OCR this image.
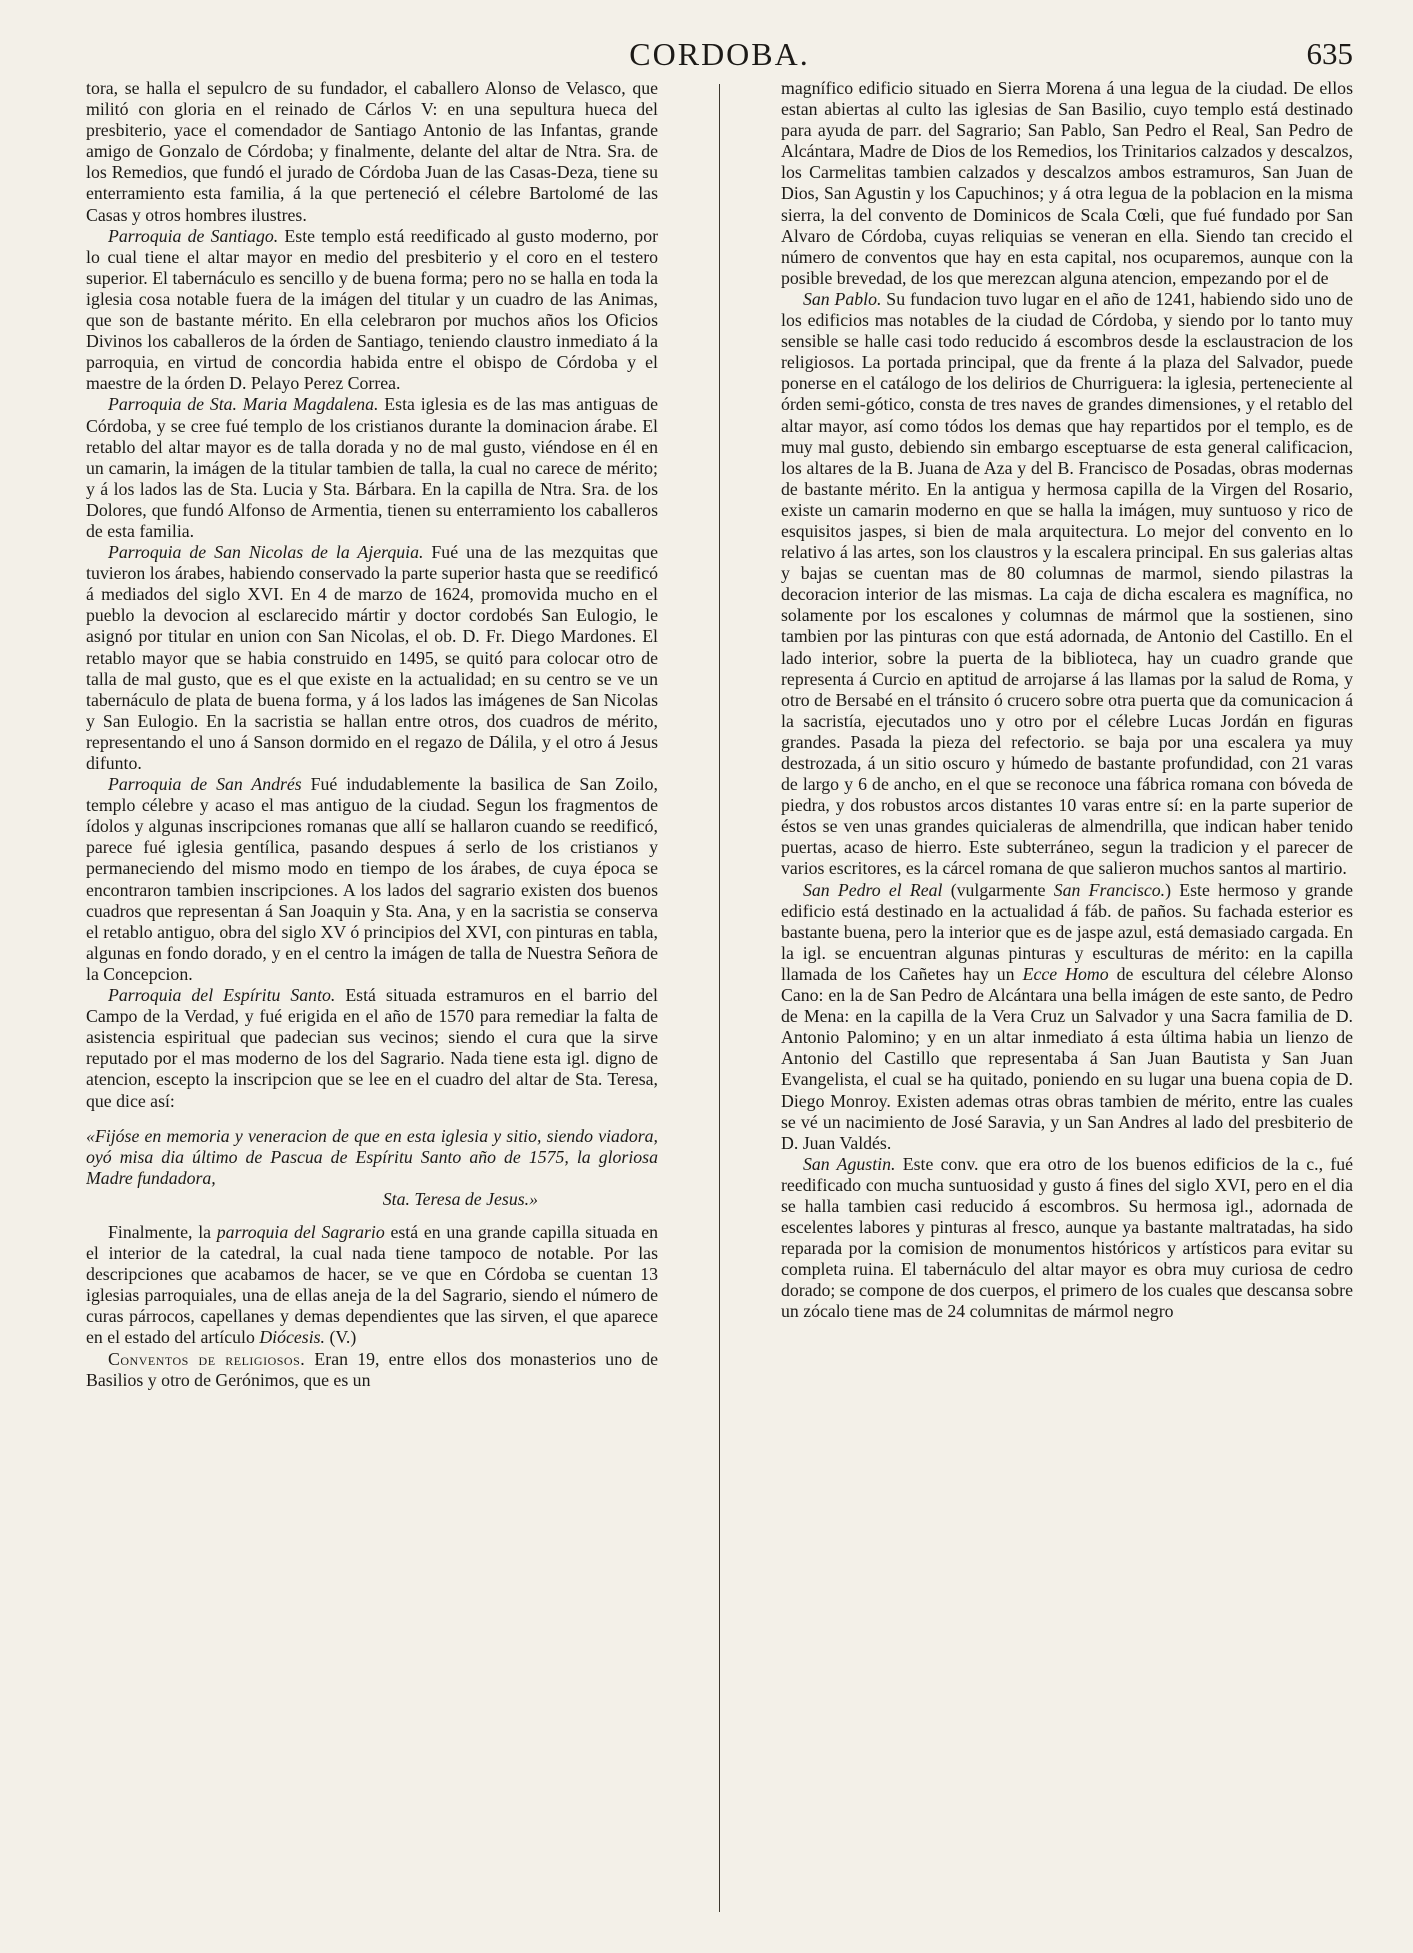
CORDOBA.	635

tora, se halla el sepulcro de su fundador, el caballero Alonso de Velasco, que militó con gloria en el reinado de Cárlos V: en una sepultura hueca del presbiterio, yace el comendador de Santiago Antonio de las Infantas, grande amigo de Gonzalo de Córdoba; y finalmente, delante del altar de Ntra. Sra. de los Remedios, que fundó el jurado de Córdoba Juan de las Casas-Deza, tiene su enterramiento esta familia, á la que perteneció el célebre Bartolomé de las Casas y otros hombres ilustres.

Parroquia de Santiago. Este templo está reedificado al gusto moderno, por lo cual tiene el altar mayor en medio del presbiterio y el coro en el testero superior. El tabernáculo es sencillo y de buena forma; pero no se halla en toda la iglesia cosa notable fuera de la imágen del titular y un cuadro de las Animas, que son de bastante mérito. En ella celebraron por muchos años los Oficios Divinos los caballeros de la órden de Santiago, teniendo claustro inmediato á la parroquia, en virtud de concordia habida entre el obispo de Córdoba y el maestre de la órden D. Pelayo Perez Correa.

Parroquia de Sta. Maria Magdalena. Esta iglesia es de las mas antiguas de Córdoba, y se cree fué templo de los cristianos durante la dominacion árabe. El retablo del altar mayor es de talla dorada y no de mal gusto, viéndose en él en un camarin, la imágen de la titular tambien de talla, la cual no carece de mérito; y á los lados las de Sta. Lucia y Sta. Bárbara. En la capilla de Ntra. Sra. de los Dolores, que fundó Alfonso de Armentia, tienen su enterramiento los caballeros de esta familia.

Parroquia de San Nicolas de la Ajerquia. Fué una de las mezquitas que tuvieron los árabes, habiendo conservado la parte superior hasta que se reedificó á mediados del siglo XVI. En 4 de marzo de 1624, promovida mucho en el pueblo la devocion al esclarecido mártir y doctor cordobés San Eulogio, le asignó por titular en union con San Nicolas, el ob. D. Fr. Diego Mardones. El retablo mayor que se habia construido en 1495, se quitó para colocar otro de talla de mal gusto, que es el que existe en la actualidad; en su centro se ve un tabernáculo de plata de buena forma, y á los lados las imágenes de San Nicolas y San Eulogio. En la sacristia se hallan entre otros, dos cuadros de mérito, representando el uno á Sanson dormido en el regazo de Dálila, y el otro á Jesus difunto.

Parroquia de San Andrés Fué indudablemente la basilica de San Zoilo, templo célebre y acaso el mas antiguo de la ciudad. Segun los fragmentos de ídolos y algunas inscripciones romanas que allí se hallaron cuando se reedificó, parece fué iglesia gentílica, pasando despues á serlo de los cristianos y permaneciendo del mismo modo en tiempo de los árabes, de cuya época se encontraron tambien inscripciones. A los lados del sagrario existen dos buenos cuadros que representan á San Joaquin y Sta. Ana, y en la sacristia se conserva el retablo antiguo, obra del siglo XV ó principios del XVI, con pinturas en tabla, algunas en fondo dorado, y en el centro la imágen de talla de Nuestra Señora de la Concepcion.

Parroquia del Espíritu Santo. Está situada estramuros en el barrio del Campo de la Verdad, y fué erigida en el año de 1570 para remediar la falta de asistencia espiritual que padecian sus vecinos; siendo el cura que la sirve reputado por el mas moderno de los del Sagrario. Nada tiene esta igl. digno de atencion, escepto la inscripcion que se lee en el cuadro del altar de Sta. Teresa, que dice así:

«Fijóse en memoria y veneracion de que en esta iglesia y sitio, siendo viadora, oyó misa dia último de Pascua de Espíritu Santo año de 1575, la gloriosa Madre fundadora,
Sta. Teresa de Jesus.»

Finalmente, la parroquia del Sagrario está en una grande capilla situada en el interior de la catedral, la cual nada tiene tampoco de notable. Por las descripciones que acabamos de hacer, se ve que en Córdoba se cuentan 13 iglesias parroquiales, una de ellas aneja de la del Sagrario, siendo el número de curas párrocos, capellanes y demas dependientes que las sirven, el que aparece en el estado del artículo Diócesis. (V.)

Conventos de religiosos. Eran 19, entre ellos dos monasterios uno de Basilios y otro de Gerónimos, que es un

magnífico edificio situado en Sierra Morena á una legua de la ciudad. De ellos estan abiertas al culto las iglesias de San Basilio, cuyo templo está destinado para ayuda de parr. del Sagrario; San Pablo, San Pedro el Real, San Pedro de Alcántara, Madre de Dios de los Remedios, los Trinitarios calzados y descalzos, los Carmelitas tambien calzados y descalzos ambos estramuros, San Juan de Dios, San Agustin y los Capuchinos; y á otra legua de la poblacion en la misma sierra, la del convento de Dominicos de Scala Cœli, que fué fundado por San Alvaro de Córdoba, cuyas reliquias se veneran en ella. Siendo tan crecido el número de conventos que hay en esta capital, nos ocuparemos, aunque con la posible brevedad, de los que merezcan alguna atencion, empezando por el de

San Pablo. Su fundacion tuvo lugar en el año de 1241, habiendo sido uno de los edificios mas notables de la ciudad de Córdoba, y siendo por lo tanto muy sensible se halle casi todo reducido á escombros desde la esclaustracion de los religiosos. La portada principal, que da frente á la plaza del Salvador, puede ponerse en el catálogo de los delirios de Churriguera: la iglesia, perteneciente al órden semi-gótico, consta de tres naves de grandes dimensiones, y el retablo del altar mayor, así como tódos los demas que hay repartidos por el templo, es de muy mal gusto, debiendo sin embargo esceptuarse de esta general calificacion, los altares de la B. Juana de Aza y del B. Francisco de Posadas, obras modernas de bastante mérito. En la antigua y hermosa capilla de la Virgen del Rosario, existe un camarin moderno en que se halla la imágen, muy suntuoso y rico de esquisitos jaspes, si bien de mala arquitectura. Lo mejor del convento en lo relativo á las artes, son los claustros y la escalera principal. En sus galerias altas y bajas se cuentan mas de 80 columnas de marmol, siendo pilastras la decoracion interior de las mismas. La caja de dicha escalera es magnífica, no solamente por los escalones y columnas de mármol que la sostienen, sino tambien por las pinturas con que está adornada, de Antonio del Castillo. En el lado interior, sobre la puerta de la biblioteca, hay un cuadro grande que representa á Curcio en aptitud de arrojarse á las llamas por la salud de Roma, y otro de Bersabé en el tránsito ó crucero sobre otra puerta que da comunicacion á la sacristía, ejecutados uno y otro por el célebre Lucas Jordán en figuras grandes. Pasada la pieza del refectorio. se baja por una escalera ya muy destrozada, á un sitio oscuro y húmedo de bastante profundidad, con 21 varas de largo y 6 de ancho, en el que se reconoce una fábrica romana con bóveda de piedra, y dos robustos arcos distantes 10 varas entre sí: en la parte superior de éstos se ven unas grandes quicialeras de almendrilla, que indican haber tenido puertas, acaso de hierro. Este subterráneo, segun la tradicion y el parecer de varios escritores, es la cárcel romana de que salieron muchos santos al martirio.

San Pedro el Real (vulgarmente San Francisco.) Este hermoso y grande edificio está destinado en la actualidad á fáb. de paños. Su fachada esterior es bastante buena, pero la interior que es de jaspe azul, está demasiado cargada. En la igl. se encuentran algunas pinturas y esculturas de mérito: en la capilla llamada de los Cañetes hay un Ecce Homo de escultura del célebre Alonso Cano: en la de San Pedro de Alcántara una bella imágen de este santo, de Pedro de Mena: en la capilla de la Vera Cruz un Salvador y una Sacra familia de D. Antonio Palomino; y en un altar inmediato á esta última habia un lienzo de Antonio del Castillo que representaba á San Juan Bautista y San Juan Evangelista, el cual se ha quitado, poniendo en su lugar una buena copia de D. Diego Monroy. Existen ademas otras obras tambien de mérito, entre las cuales se vé un nacimiento de José Saravia, y un San Andres al lado del presbiterio de D. Juan Valdés.

San Agustin. Este conv. que era otro de los buenos edificios de la c., fué reedificado con mucha suntuosidad y gusto á fines del siglo XVI, pero en el dia se halla tambien casi reducido á escombros. Su hermosa igl., adornada de escelentes labores y pinturas al fresco, aunque ya bastante maltratadas, ha sido reparada por la comision de monumentos históricos y artísticos para evitar su completa ruina. El tabernáculo del altar mayor es obra muy curiosa de cedro dorado; se compone de dos cuerpos, el primero de los cuales que descansa sobre un zócalo tiene mas de 24 columnitas de mármol negro
